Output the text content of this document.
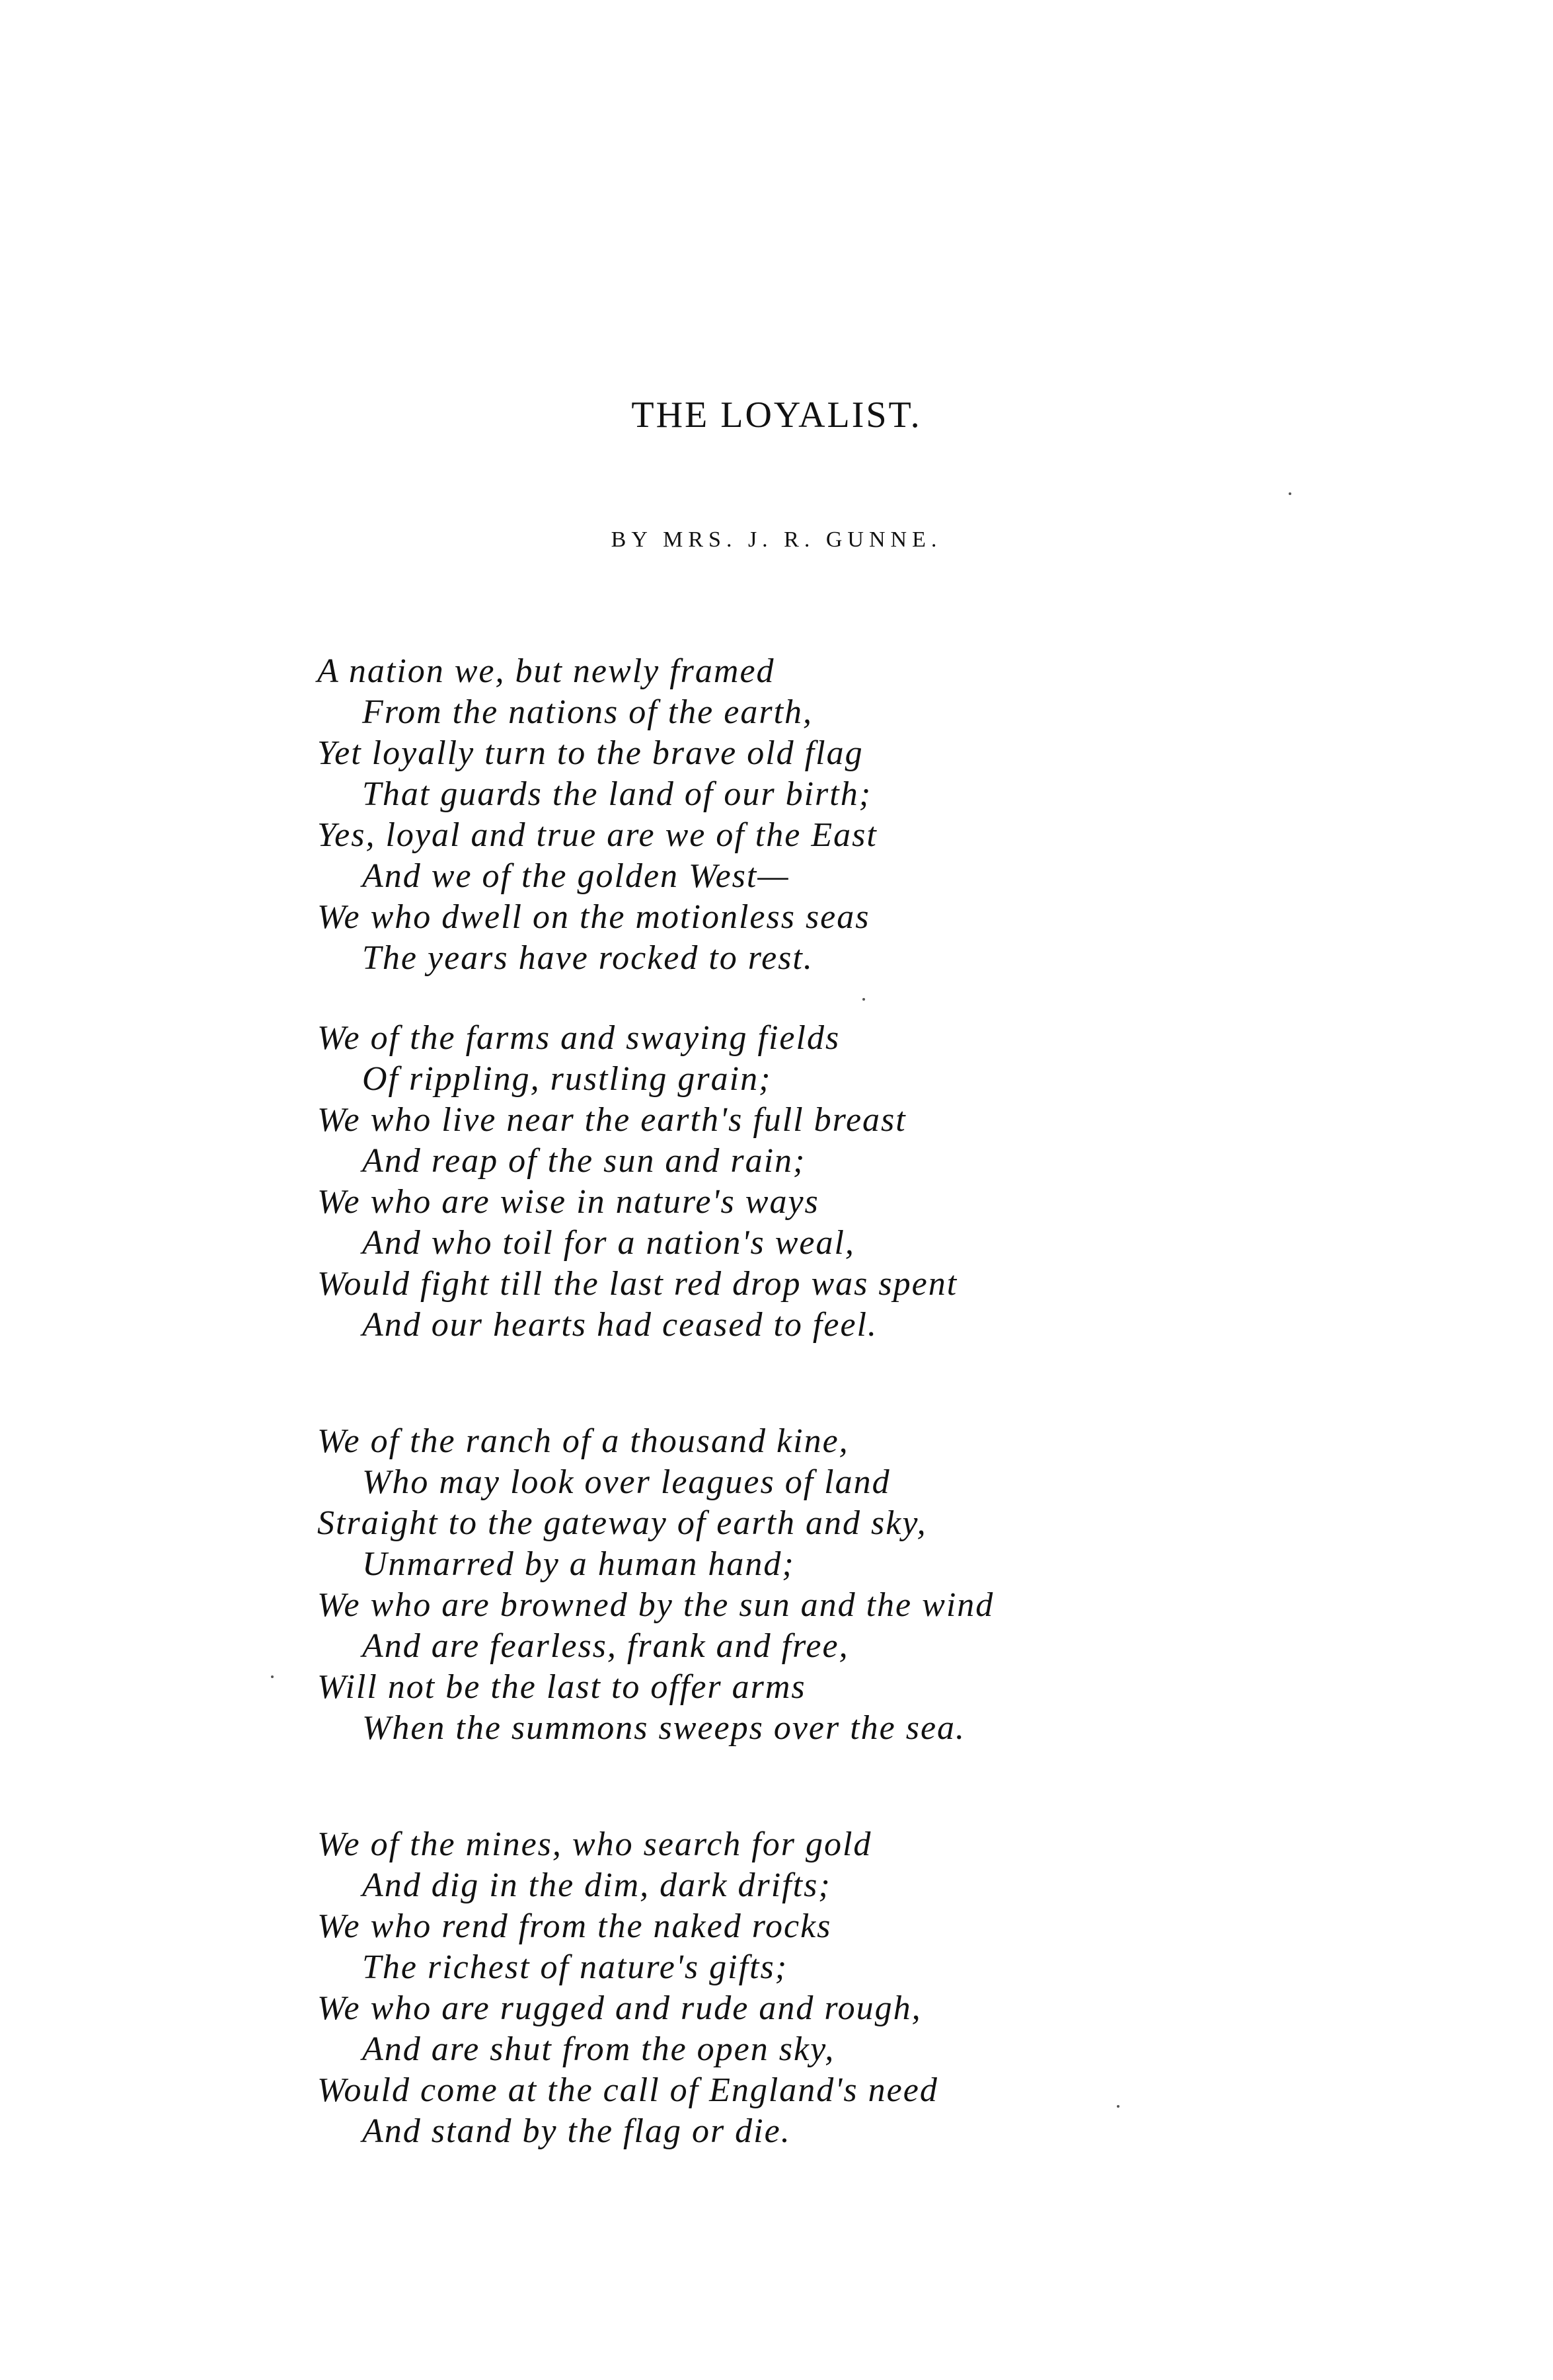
THE LOYALIST.
BY MRS. J. R. GUNNE.
A nation we, but newly framed
From the nations of the earth,
Yet loyally turn to the brave old flag
That guards the land of our birth;
Yes, loyal and true are we of the East
And we of the golden West—
We who dwell on the motionless seas
The years have rocked to rest.
We of the farms and swaying fields
Of rippling, rustling grain;
We who live near the earth's full breast
And reap of the sun and rain;
We who are wise in nature's ways
And who toil for a nation's weal,
Would fight till the last red drop was spent
And our hearts had ceased to feel.
We of the ranch of a thousand kine,
Who may look over leagues of land
Straight to the gateway of earth and sky,
Unmarred by a human hand;
We who are browned by the sun and the wind
And are fearless, frank and free,
Will not be the last to offer arms
When the summons sweeps over the sea.
We of the mines, who search for gold
And dig in the dim, dark drifts;
We who rend from the naked rocks
The richest of nature's gifts;
We who are rugged and rude and rough,
And are shut from the open sky,
Would come at the call of England's need
And stand by the flag or die.
